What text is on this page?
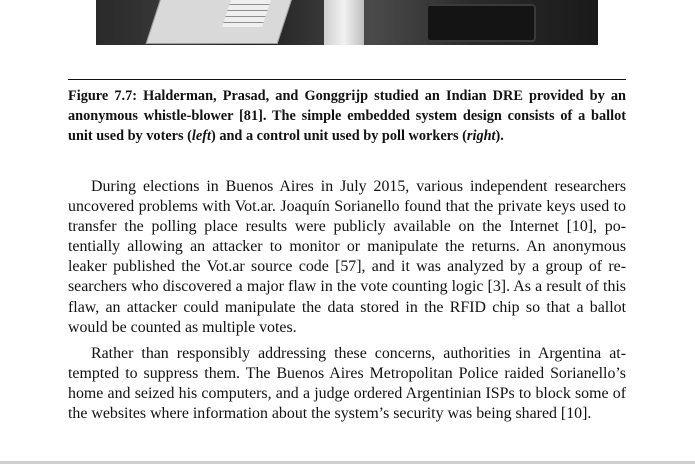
Figure 7.7: Halderman, Prasad, and Gonggrijp studied an Indian DRE provided by an anonymous whistle-blower [81]. The simple embedded system design consists of a ballot unit used by voters (left) and a control unit used by poll workers (right).

During elections in Buenos Aires in July 2015, various independent researchers uncovered problems with Vot.ar. Joaquín Sorianello found that the private keys used to transfer the polling place results were publicly available on the Internet [10], potentially allowing an attacker to monitor or manipulate the returns. An anonymous leaker published the Vot.ar source code [57], and it was analyzed by a group of researchers who discovered a major flaw in the vote counting logic [3]. As a result of this flaw, an attacker could manipulate the data stored in the RFID chip so that a ballot would be counted as multiple votes.

Rather than responsibly addressing these concerns, authorities in Argentina attempted to suppress them. The Buenos Aires Metropolitan Police raided Sorianello’s home and seized his computers, and a judge ordered Argentinian ISPs to block some of the websites where information about the system’s security was being shared [10].
